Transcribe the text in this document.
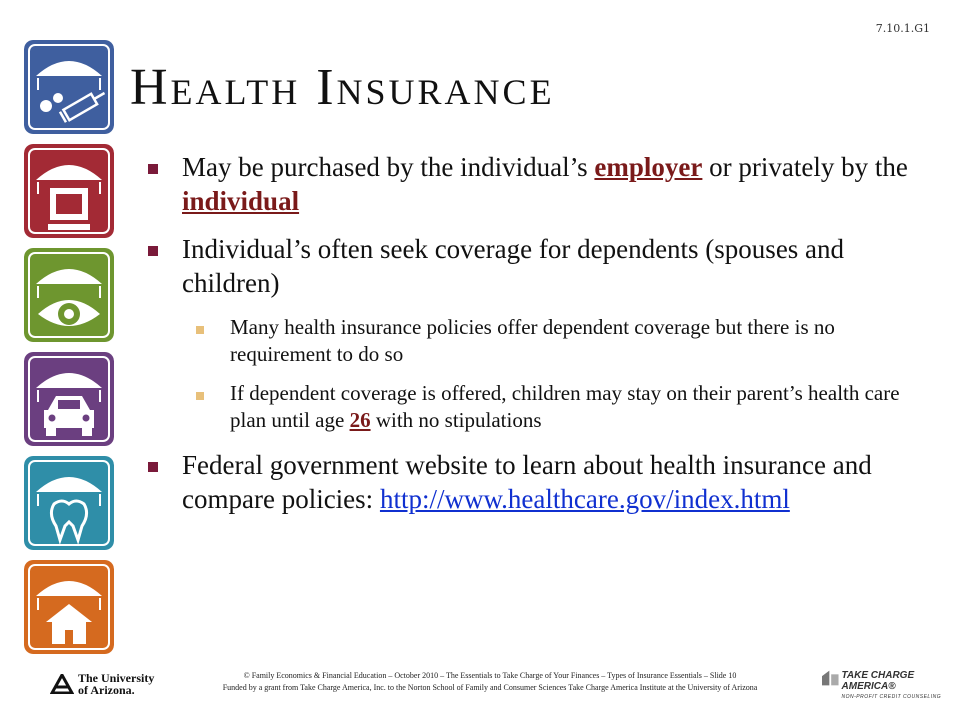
7.10.1.G1
Health Insurance
May be purchased by the individual’s employer or privately by the individual
Individual’s often seek coverage for dependents (spouses and children)
Many health insurance policies offer dependent coverage but there is no requirement to do so
If dependent coverage is offered, children may stay on their parent’s health care plan until age 26 with no stipulations
Federal government website to learn about health insurance and compare policies: http://www.healthcare.gov/index.html
The University
of Arizona.
© Family Economics & Financial Education – October 2010 – The Essentials to Take Charge of Your Finances – Types of Insurance Essentials – Slide 10
Funded by a grant from Take Charge America, Inc. to the Norton School of Family and Consumer Sciences Take Charge America Institute at the University of Arizona
TAKE CHARGE AMERICA®
NON-PROFIT CREDIT COUNSELING
